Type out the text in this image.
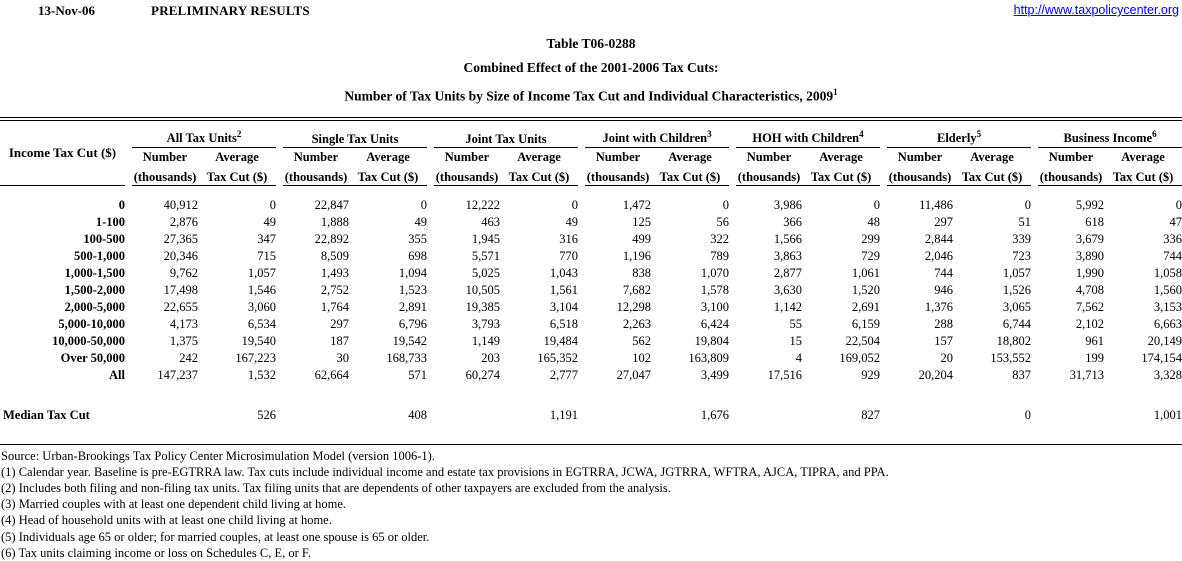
13-Nov-06	PRELIMINARY RESULTS	http://www.taxpolicycenter.org
Table T06-0288
Combined Effect of the 2001-2006 Tax Cuts:
Number of Tax Units by Size of Income Tax Cut and Individual Characteristics, 2009$^1$
Income Tax Cut ($)		All Tax Units$^2$			Single Tax Units			Joint Tax Units			Joint with Children$^3$			HOH with Children$^4$			Elderly$^5$			Business Income$^6$
		Number	Average		Number	Average		Number	Average		Number	Average		Number	Average		Number	Average		Number	Average
		(thousands)	Tax Cut ($)		(thousands)	Tax Cut ($)		(thousands)	Tax Cut ($)		(thousands)	Tax Cut ($)		(thousands)	Tax Cut ($)		(thousands)	Tax Cut ($)		(thousands)	Tax Cut ($)

0		40,912	0		22,847	0		12,222	0		1,472	0		3,986	0		11,486	0		5,992	0
1-100		2,876	49		1,888	49		463	49		125	56		366	48		297	51		618	47
100-500		27,365	347		22,892	355		1,945	316		499	322		1,566	299		2,844	339		3,679	336
500-1,000		20,346	715		8,509	698		5,571	770		1,196	789		3,863	729		2,046	723		3,890	744
1,000-1,500		9,762	1,057		1,493	1,094		5,025	1,043		838	1,070		2,877	1,061		744	1,057		1,990	1,058
1,500-2,000		17,498	1,546		2,752	1,523		10,505	1,561		7,682	1,578		3,630	1,520		946	1,526		4,708	1,560
2,000-5,000		22,655	3,060		1,764	2,891		19,385	3,104		12,298	3,100		1,142	2,691		1,376	3,065		7,562	3,153
5,000-10,000		4,173	6,534		297	6,796		3,793	6,518		2,263	6,424		55	6,159		288	6,744		2,102	6,663
10,000-50,000		1,375	19,540		187	19,542		1,149	19,484		562	19,804		15	22,504		157	18,802		961	20,149
Over 50,000		242	167,223		30	168,733		203	165,352		102	163,809		4	169,052		20	153,552		199	174,154
All		147,237	1,532		62,664	571		60,274	2,777		27,047	3,499		17,516	929		20,204	837		31,713	3,328

Median Tax Cut			526			408			1,191			1,676			827			0			1,001
Source: Urban-Brookings Tax Policy Center Microsimulation Model (version 1006-1).
(1) Calendar year. Baseline is pre-EGTRRA law. Tax cuts include individual income and estate tax provisions in EGTRRA, JCWA, JGTRRA, WFTRA, AJCA, TIPRA, and PPA.
(2) Includes both filing and non-filing tax units. Tax filing units that are dependents of other taxpayers are excluded from the analysis.
(3) Married couples with at least one dependent child living at home.
(4) Head of household units with at least one child living at home.
(5) Individuals age 65 or older; for married couples, at least one spouse is 65 or older.
(6) Tax units claiming income or loss on Schedules C, E, or F.
